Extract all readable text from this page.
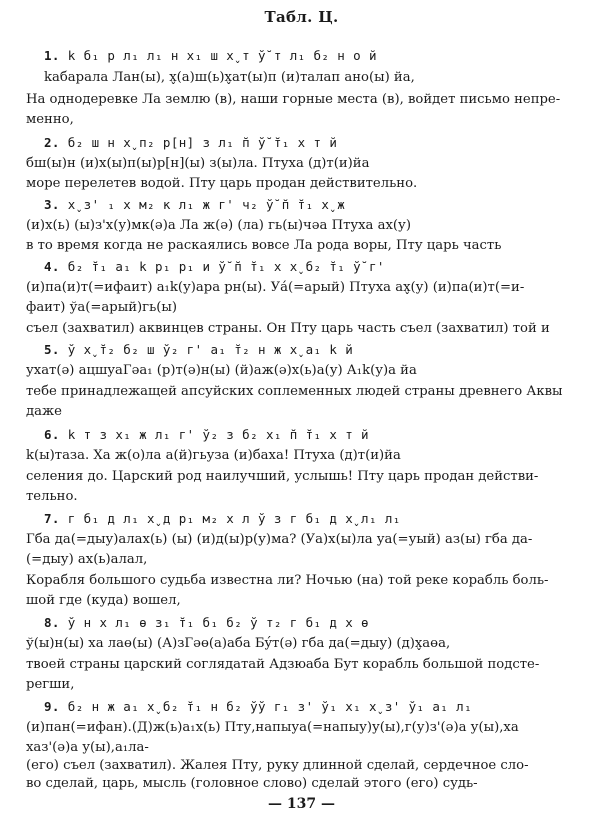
Табл. Ц.
1. k б₁ р л₁ л₁ н х₁ ш х̬ т ў̆ т л₁ б₂ н о й
kабарала Лан(ы), х̬(а)ш(ь)х̬ат(ы)п (и)талап ано(ы) йа,
На однодеревке Ла землю (в), наши горные места (в), войдет письмо непре-
менно,
2. б₂ ш н х̬ п₂ р[н] з л₁ п̆ ў̆ т̆₁ х т й
бш(ы)н (и)х(ы)п(ы)р[н](ы) з(ы)ла. Птуха (д)т(и)йа
море перелетев водой. Пту царь продан действительно.
3. х̬ з' ₁ х м₂ к л₁ ж г' ч₂ ў̆ п̆ т̆₁ х̬ ж
(и)х(ь) (ы)з'х(у)мк(ә)а Ла ж(ә) (ла) гь(ы)чәа Птуха ах(у)
в то время когда не раскаялись вовсе Ла рода воры, Пту царь часть
4. б₂ т̆₁ а₁ k р₁ р₁ и ў̆ п̆ т̆₁ х х̬ б₂ т̆₁ ў̆ г'
(и)па(и)т(=ифаит) а₁k(у)ара рн(ы). Уа́(=арый) Птуха ах̬(у) (и)па(и)т(=и-
фаит) ўа(=арый)гь(ы)
съел (захватил) аквинцев страны. Он Пту царь часть съел (захватил) той и
5. ў х̬ т̆₂ б₂ ш ў₂ г' а₁ т̆₂ н ж х̬ а₁ k й
ухат(ә) ацшуаГәа₁ (р)т(ә)н(ы) (й)аж(ә)х(ь)а(у) А₁k(у)а йа
тебе принадлежащей апсуйских соплеменных людей страны древнего Аквы
даже
6. k т з х₁ ж л₁ г' ў₂ з б₂ х₁ п̆ т̆₁ х т й
k(ы)таза. Ха ж(о)ла а(й)гьуза (и)баха! Птуха (д)т(и)йа
селения до. Царский род наилучший, услышь! Пту царь продан действи-
тельно.
7. г б₁ д л₁ х̬ д р₁ м₂ х л ў з г б₁ д х̬ л₁ л₁
Гба да(=дыу)алах(ь) (ы) (и)д(ы)р(у)ма? (Уа)х(ы)ла уа(=уый) аз(ы) гба да-
(=дыу) ах(ь)алал,
Корабля большого судьба известна ли? Ночью (на) той реке корабль боль-
шой где (куда) вошел,
8. ў н х л₁ ɵ з₁ т̆₁ б₁ б₂ ў т₂ г б₁ д х ɵ
ў(ы)н(ы) ха лаɵ(ы) (А)зГәɵ(а)аба Бýт(ә) гба да(=дыу) (д)х̬аɵа,
твоей страны царский соглядатай Адзюаба Бут корабль большой подсте-
регши,
9. б₂ н ж а₁ х̬ б₂ т̆₁ н б₂ ўў г₁ з' ў₁ х₁ х̬ з' ў₁ а₁ л₁
(и)пан(=ифан).(Д)ж(ь)а₁х(ь) Пту,напыуа(=напыу)у(ы),г(у)з'(ә)а у(ы),ха
хаз'(ә)а у(ы),а₁ла-
(его) съел (захватил). Жалея Пту, руку длинной сделай, сердечное сло-
во сделай, царь, мысль (головное слово) сделай этого (его) судь-
— 137 —
